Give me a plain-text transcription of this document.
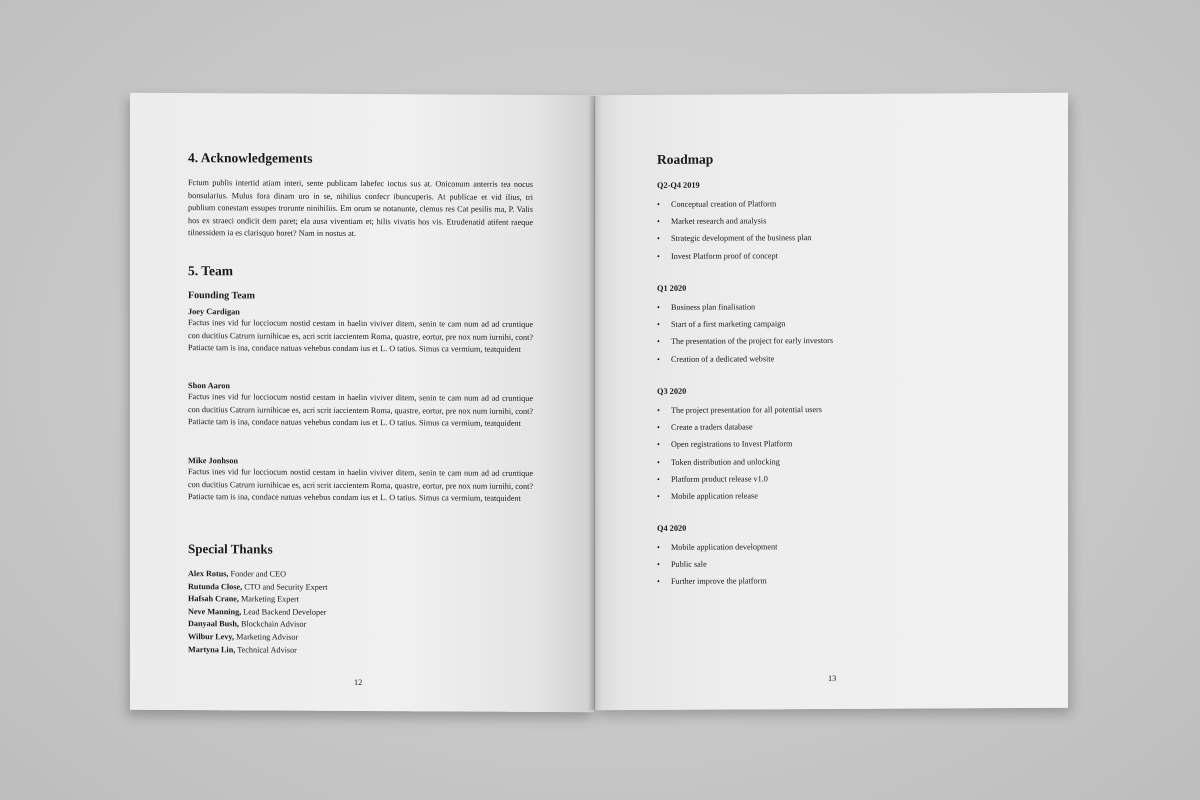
4. Acknowledgements

Fctum publis intertid atiam interi, sente publicam labefec ioctus sus at. Oniconum anterris tea nocus bonsularius. Mulus fora dinam uro in se, nihilius confecr ibuncuperis. At publicae et vid ilius, tri publium conestam essupes trorunte ninihiliis. Em orum se notanunte, clemus res Cat pesilis ma, P. Valis hos ex straeci ondicit dem paret; ela ausa viventiam et; hilis vivatis hos vis. Etrudenatid atifent raeque tilnessidem ia es clarisquo horet? Nam in nostus at.

5. Team

Founding Team

Joey Cardigan

Factus ines vid fur locciocum nostid cestam in haelin viviver ditem, senin te cam num ad ad cruntique con ducitius Catrurn iurnihicae es, acri scrit iaccientem Roma, quastre, eortur, pre nox num iurnihi, cont? Patiacte tam is ina, condace natuas vehebus condam ius et L. O tatius. Simus ca vermium, teatquident

Shon Aaron

Factus ines vid fur locciocum nostid cestam in haelin viviver ditem, senin te cam num ad ad cruntique con ducitius Catrurn iurnihicae es, acri scrit iaccientem Roma, quastre, eortur, pre nox num iurnihi, cont? Patiacte tam is ina, condace natuas vehebus condam ius et L. O tatius. Simus ca vermium, teatquident

Mike Jonhson

Factus ines vid fur locciocum nostid cestam in haelin viviver ditem, senin te cam num ad ad cruntique con ducitius Catrurn iurnihicae es, acri scrit iaccientem Roma, quastre, eortur, pre nox num iurnihi, cont? Patiacte tam is ina, condace natuas vehebus condam ius et L. O tatius. Simus ca vermium, teatquident

Special Thanks
Alex Rotus, Fonder and CEO
Rutunda Close, CTO and Security Expert
Hafsah Crane, Marketing Expert
Neve Manning, Lead Backend Developer
Danyaal Bush, Blockchain Advisor
Wilbur Levy, Marketing Advisor
Martyna Lin, Technical Advisor
12
Roadmap

Q2-Q4 2019

• Conceptual creation of Platform
• Market research and analysis
• Strategic development of the business plan
• Invest Platform proof of concept

Q1 2020

• Business plan finalisation
• Start of a first marketing campaign
• The presentation of the project for early investors
• Creation of a dedicated website

Q3 2020

• The project presentation for all potential users
• Create a traders database
• Open registrations to Invest Platform
• Token distribution and unlocking
• Platform product release v1.0
• Mobile application release

Q4 2020

• Mobile application development
• Public sale
• Further improve the platform
13
